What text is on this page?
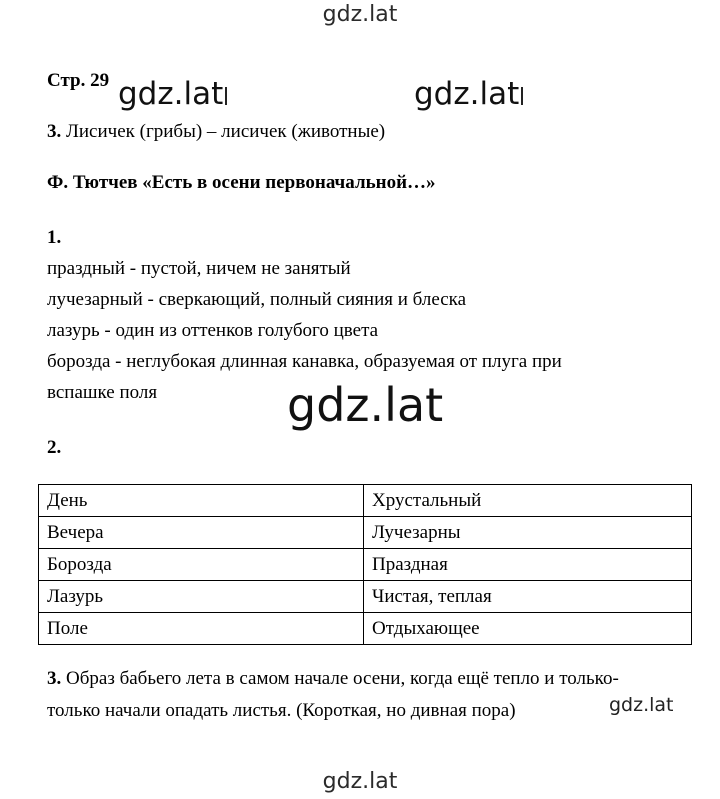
gdz.lat
gdz.lat	gdz.lat
gdz.lat
gdz.lat
gdz.lat
Стр. 29
3. Лисичек (грибы) – лисичек (животные)
Ф. Тютчев «Есть в осени первоначальной…»
1.
праздный - пустой, ничем не занятый
лучезарный - сверкающий, полный сияния и блеска
лазурь - один из оттенков голубого цвета
борозда - неглубокая длинная канавка, образуемая от плуга при
вспашке поля
2.
День	Хрустальный
Вечера	Лучезарны
Борозда	Праздная
Лазурь	Чистая, теплая
Поле	Отдыхающее
3. Образ бабьего лета в самом начале осени, когда ещё тепло и только-
только начали опадать листья. (Короткая, но дивная пора)
